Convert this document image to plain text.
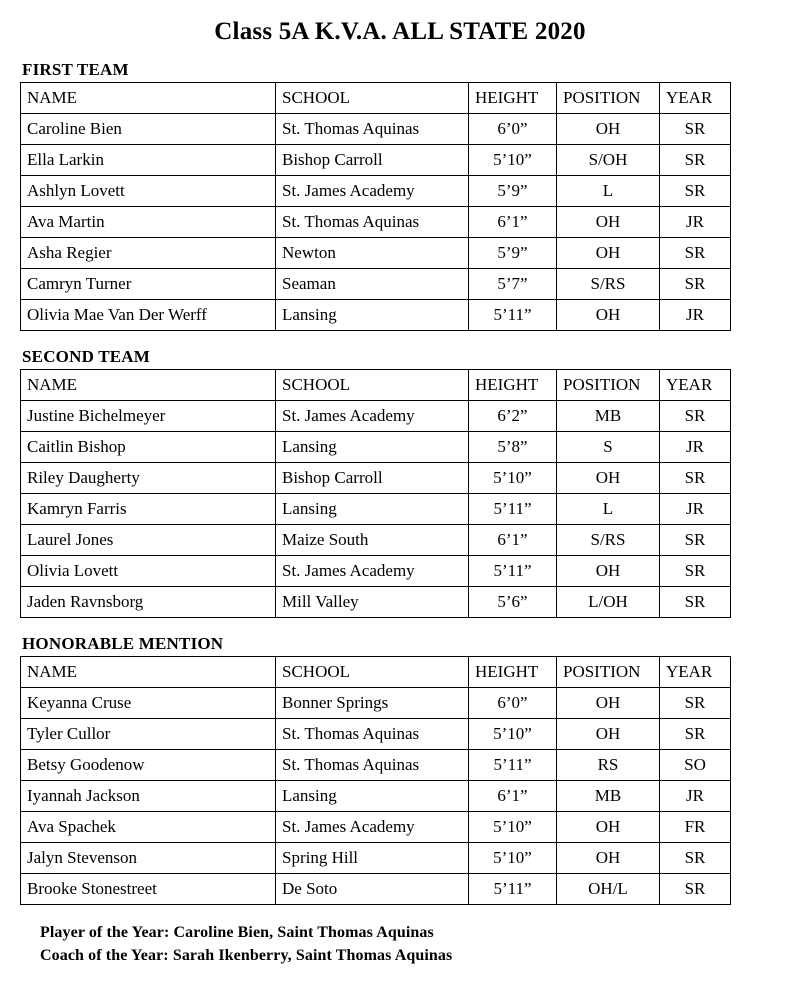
Class 5A K.V.A. ALL STATE 2020
FIRST TEAM
NAME	SCHOOL	HEIGHT	POSITION	YEAR
Caroline Bien	St. Thomas Aquinas	6’0”	OH	SR
Ella Larkin	Bishop Carroll	5’10”	S/OH	SR
Ashlyn Lovett	St. James Academy	5’9”	L	SR
Ava Martin	St. Thomas Aquinas	6’1”	OH	JR
Asha Regier	Newton	5’9”	OH	SR
Camryn Turner	Seaman	5’7”	S/RS	SR
Olivia Mae Van Der Werff	Lansing	5’11”	OH	JR
SECOND TEAM
NAME	SCHOOL	HEIGHT	POSITION	YEAR
Justine Bichelmeyer	St. James Academy	6’2”	MB	SR
Caitlin Bishop	Lansing	5’8”	S	JR
Riley Daugherty	Bishop Carroll	5’10”	OH	SR
Kamryn Farris	Lansing	5’11”	L	JR
Laurel Jones	Maize South	6’1”	S/RS	SR
Olivia Lovett	St. James Academy	5’11”	OH	SR
Jaden Ravnsborg	Mill Valley	5’6”	L/OH	SR
HONORABLE MENTION
NAME	SCHOOL	HEIGHT	POSITION	YEAR
Keyanna Cruse	Bonner Springs	6’0”	OH	SR
Tyler Cullor	St. Thomas Aquinas	5’10”	OH	SR
Betsy Goodenow	St. Thomas Aquinas	5’11”	RS	SO
Iyannah Jackson	Lansing	6’1”	MB	JR
Ava Spachek	St. James Academy	5’10”	OH	FR
Jalyn Stevenson	Spring Hill	5’10”	OH	SR
Brooke Stonestreet	De Soto	5’11”	OH/L	SR
Player of the Year: Caroline Bien, Saint Thomas Aquinas
Coach of the Year: Sarah Ikenberry, Saint Thomas Aquinas
